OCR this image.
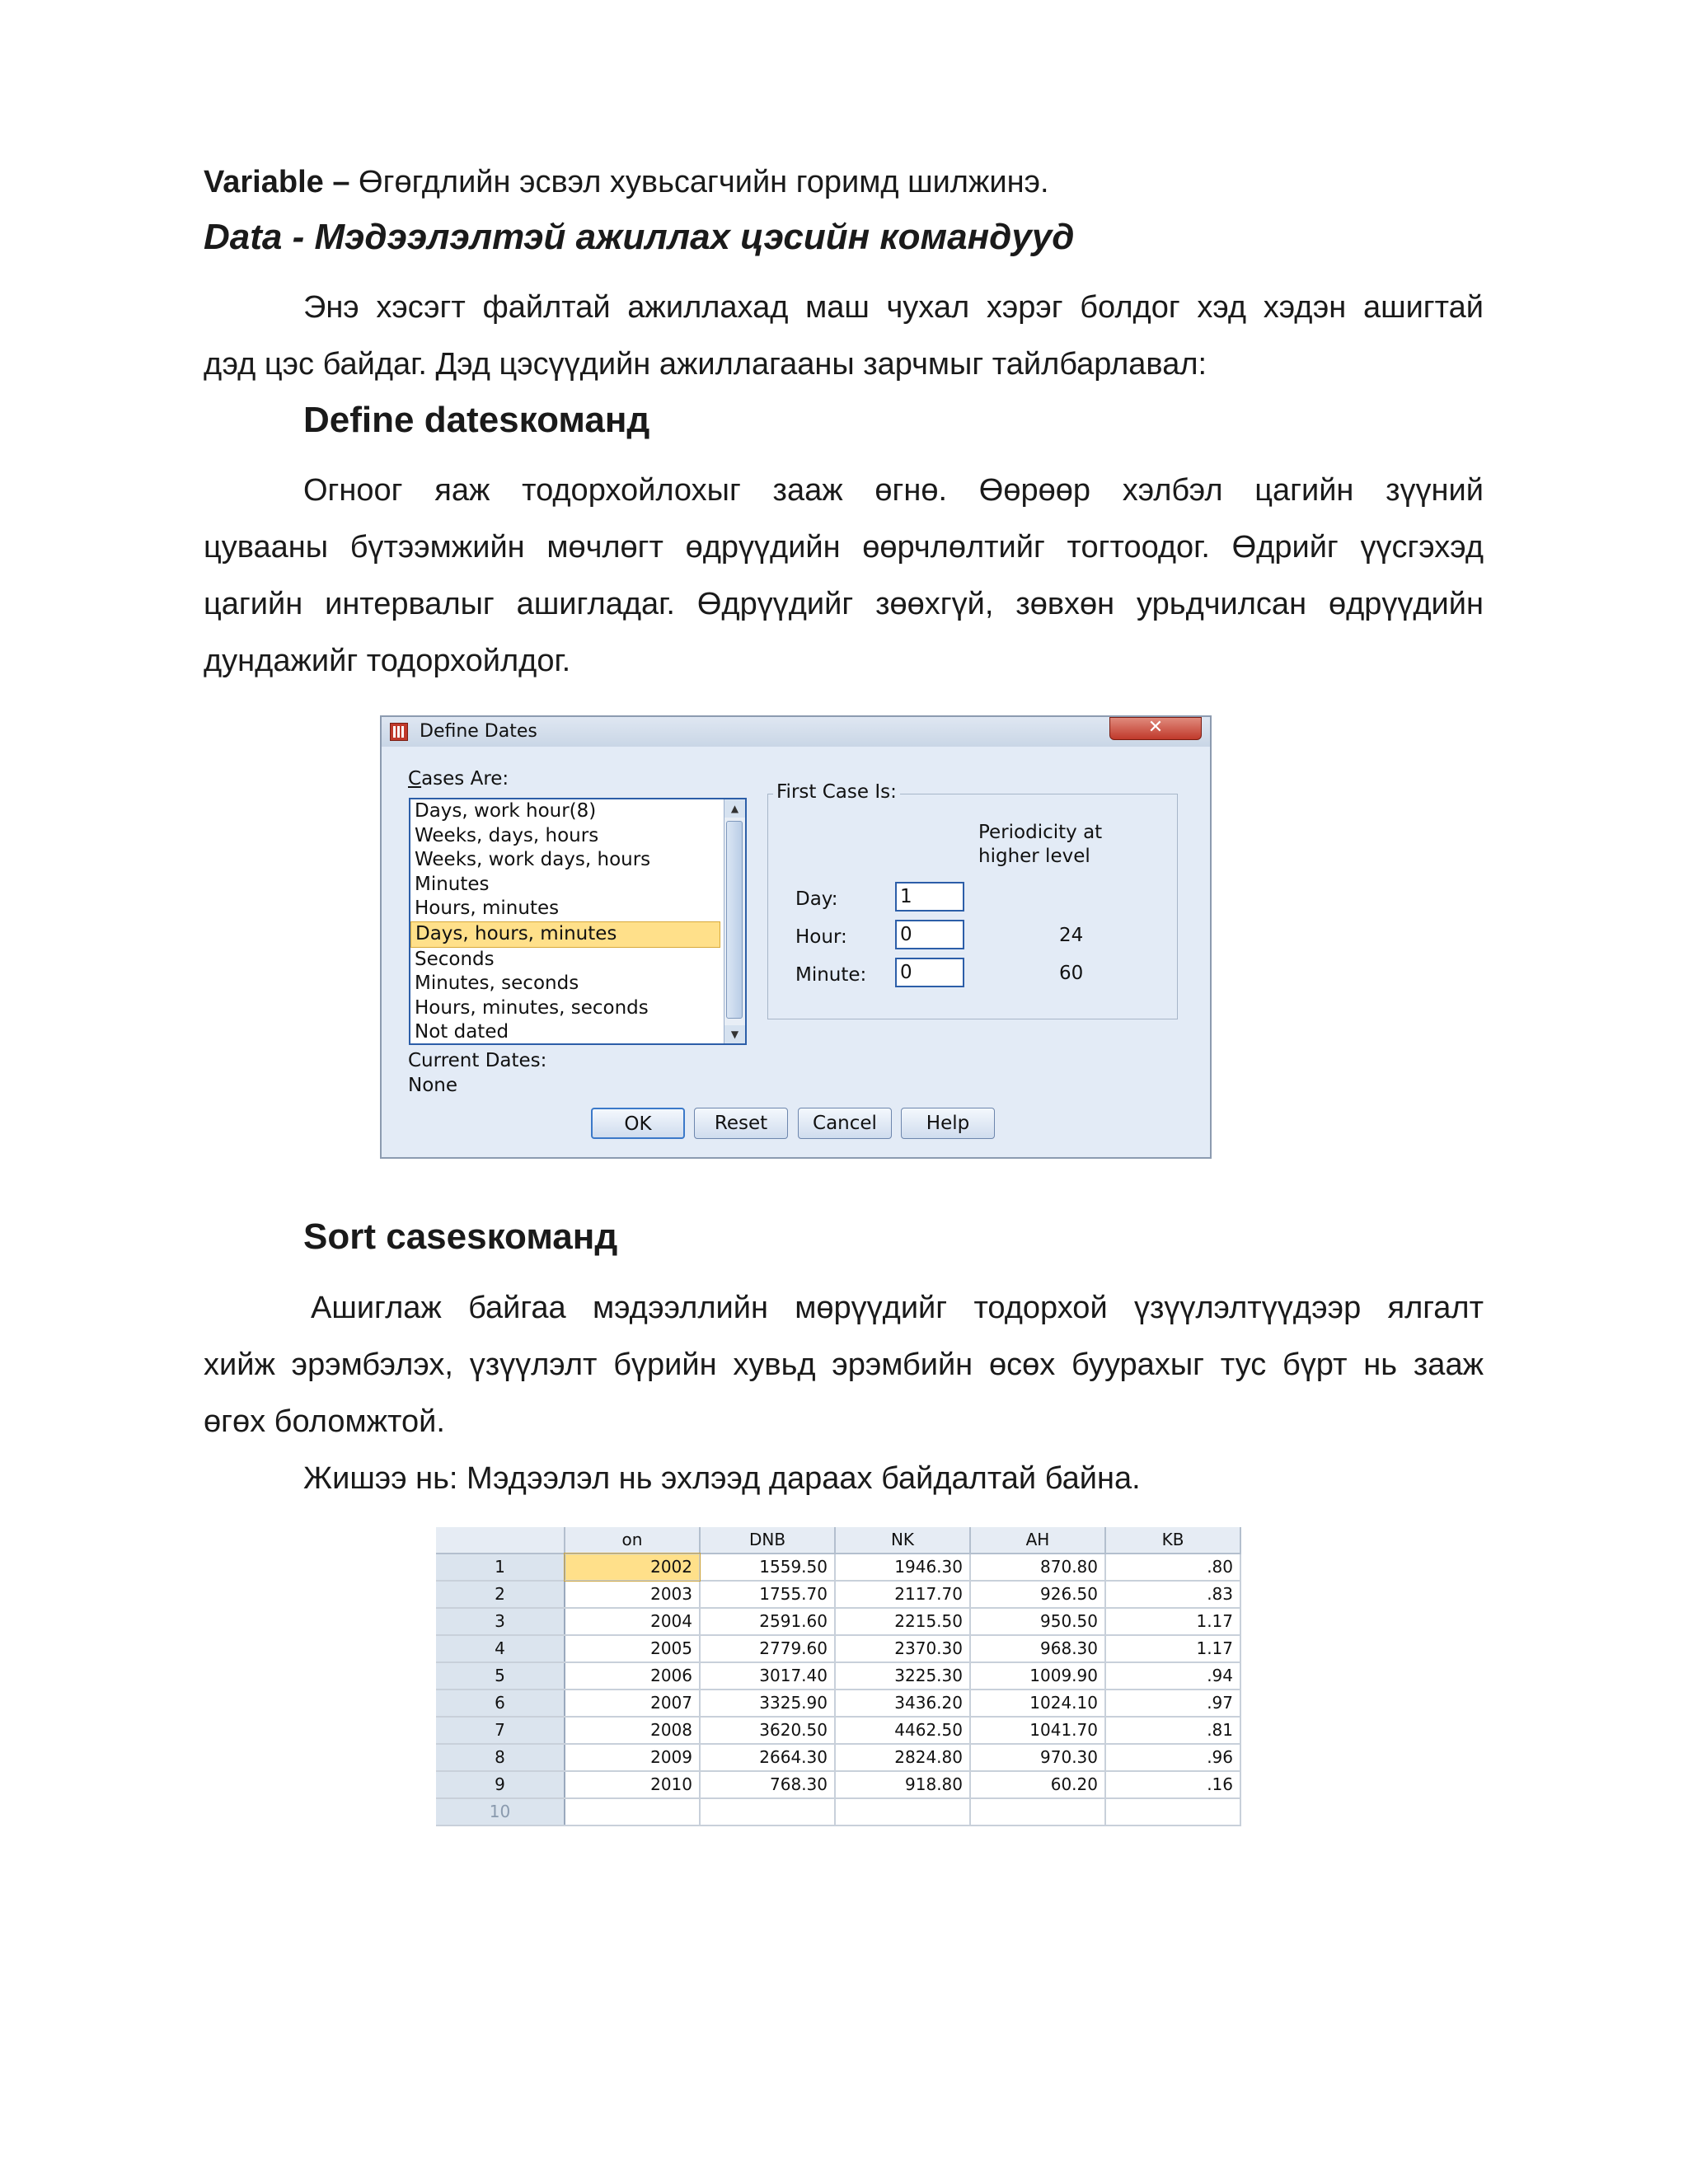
Variable – Өгөгдлийн эсвэл хувьсагчийн горимд шилжинэ.
Data - Мэдээлэлтэй ажиллах цэсийн командууд
Энэ хэсэгт файлтай ажиллахад маш чухал хэрэг болдог хэд хэдэн ашигтай
дэд цэс байдаг. Дэд цэсүүдийн ажиллагааны зарчмыг тайлбарлавал:
Define datesкоманд
Огноог яаж тодорхойлохыг зааж өгнө. Өөрөөр хэлбэл цагийн зүүний
цувааны бүтээмжийн мөчлөгт өдрүүдийн өөрчлөлтийг тогтоодог. Өдрийг үүсгэхэд
цагийн интервалыг ашигладаг. Өдрүүдийг зөөхгүй, зөвхөн урьдчилсан өдрүүдийн
дундажийг тодорхойлдог.
Define Dates	✕
Cases Are:
Days, work hour(8)
Weeks, days, hours
Weeks, work days, hours
Minutes
Hours, minutes
Days, hours, minutes
Seconds
Minutes, seconds
Hours, minutes, seconds
Not dated
▲
▼
First Case Is:
Periodicity at
higher level
Day:	1
Hour:	0	24
Minute: 0	60
Current Dates:
None
OK	Reset	Cancel	Help
Sort casesкоманд
Ашиглаж байгаа мэдээллийн мөрүүдийг тодорхой үзүүлэлтүүдээр ялгалт
хийж эрэмбэлэх, үзүүлэлт бүрийн хувьд эрэмбийн өсөх буурахыг тус бүрт нь зааж
өгөх боломжтой.
Жишээ нь: Мэдээлэл нь эхлээд дараах байдалтай байна.
	on	DNB	NK	AH	KB
1	2002	1559.50	1946.30	870.80	.80
2	2003	1755.70	2117.70	926.50	.83
3	2004	2591.60	2215.50	950.50	1.17
4	2005	2779.60	2370.30	968.30	1.17
5	2006	3017.40	3225.30	1009.90	.94
6	2007	3325.90	3436.20	1024.10	.97
7	2008	3620.50	4462.50	1041.70	.81
8	2009	2664.30	2824.80	970.30	.96
9	2010	768.30	918.80	60.20	.16
10					
